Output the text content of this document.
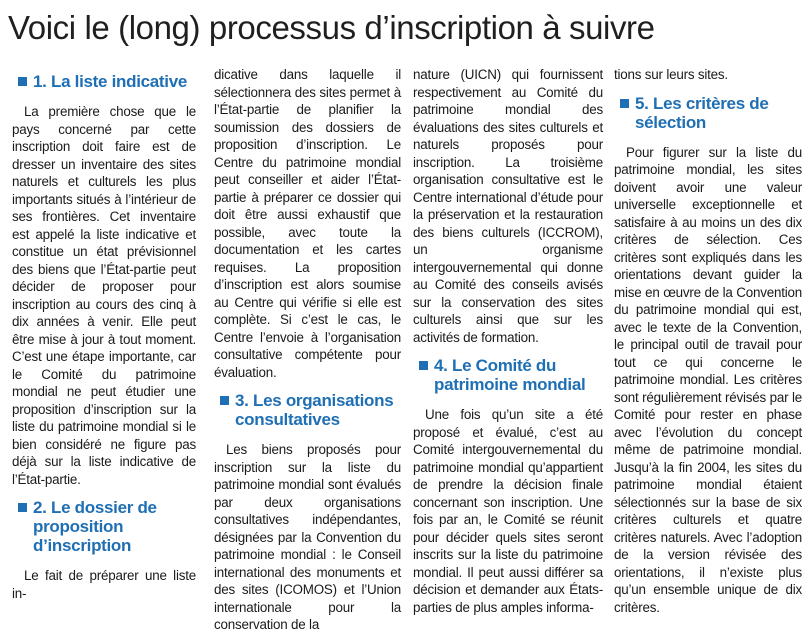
Voici le (long) processus d’inscription à suivre
1. La liste indicative

La première chose que le pays concerné par cette inscription doit faire est de dresser un inventaire des sites naturels et culturels les plus importants situés à l’intérieur de ses frontières. Cet inventaire est appelé la liste indicative et constitue un état prévisionnel des biens que l’État-partie peut décider de proposer pour inscription au cours des cinq à dix années à venir. Elle peut être mise à jour à tout moment. C’est une étape importante, car le Comité du patrimoine mondial ne peut étudier une proposition d’inscription sur la liste du patrimoine mondial si le bien considéré ne figure pas déjà sur la liste indicative de l’État-partie.

2. Le dossier de proposition d’inscription

Le fait de préparer une liste in-

dicative dans laquelle il sélectionnera des sites permet à l’État-partie de planifier la soumission des dossiers de proposition d’inscription. Le Centre du patrimoine mondial peut conseiller et aider l’État-partie à préparer ce dossier qui doit être aussi exhaustif que possible, avec toute la documentation et les cartes requises. La proposition d’inscription est alors soumise au Centre qui vérifie si elle est complète. Si c’est le cas, le Centre l’envoie à l’organisation consultative compétente pour évaluation.

3. Les organisations consultatives

Les biens proposés pour inscription sur la liste du patrimoine mondial sont évalués par deux organisations consultatives indépendantes, désignées par la Convention du patrimoine mondial : le Conseil international des monuments et des sites (ICOMOS) et l’Union internationale pour la conservation de la

nature (UICN) qui fournissent respectivement au Comité du patrimoine mondial des évaluations des sites culturels et naturels proposés pour inscription. La troisième organisation consultative est le Centre international d’étude pour la préservation et la restauration des biens culturels (ICCROM), un organisme intergouvernemental qui donne au Comité des conseils avisés sur la conservation des sites culturels ainsi que sur les activités de formation.

4. Le Comité du patrimoine mondial

Une fois qu’un site a été proposé et évalué, c’est au Comité intergouvernemental du patrimoine mondial qu’appartient de prendre la décision finale concernant son inscription. Une fois par an, le Comité se réunit pour décider quels sites seront inscrits sur la liste du patrimoine mondial. Il peut aussi différer sa décision et demander aux États-parties de plus amples informa-

tions sur leurs sites.

5. Les critères de sélection

Pour figurer sur la liste du patrimoine mondial, les sites doivent avoir une valeur universelle exceptionnelle et satisfaire à au moins un des dix critères de sélection. Ces critères sont expliqués dans les orientations devant guider la mise en œuvre de la Convention du patrimoine mondial qui est, avec le texte de la Convention, le principal outil de travail pour tout ce qui concerne le patrimoine mondial. Les critères sont régulièrement révisés par le Comité pour rester en phase avec l’évolution du concept même de patrimoine mondial. Jusqu’à la fin 2004, les sites du patrimoine mondial étaient sélectionnés sur la base de six critères culturels et quatre critères naturels. Avec l’adoption de la version révisée des orientations, il n’existe plus qu’un ensemble unique de dix critères.
